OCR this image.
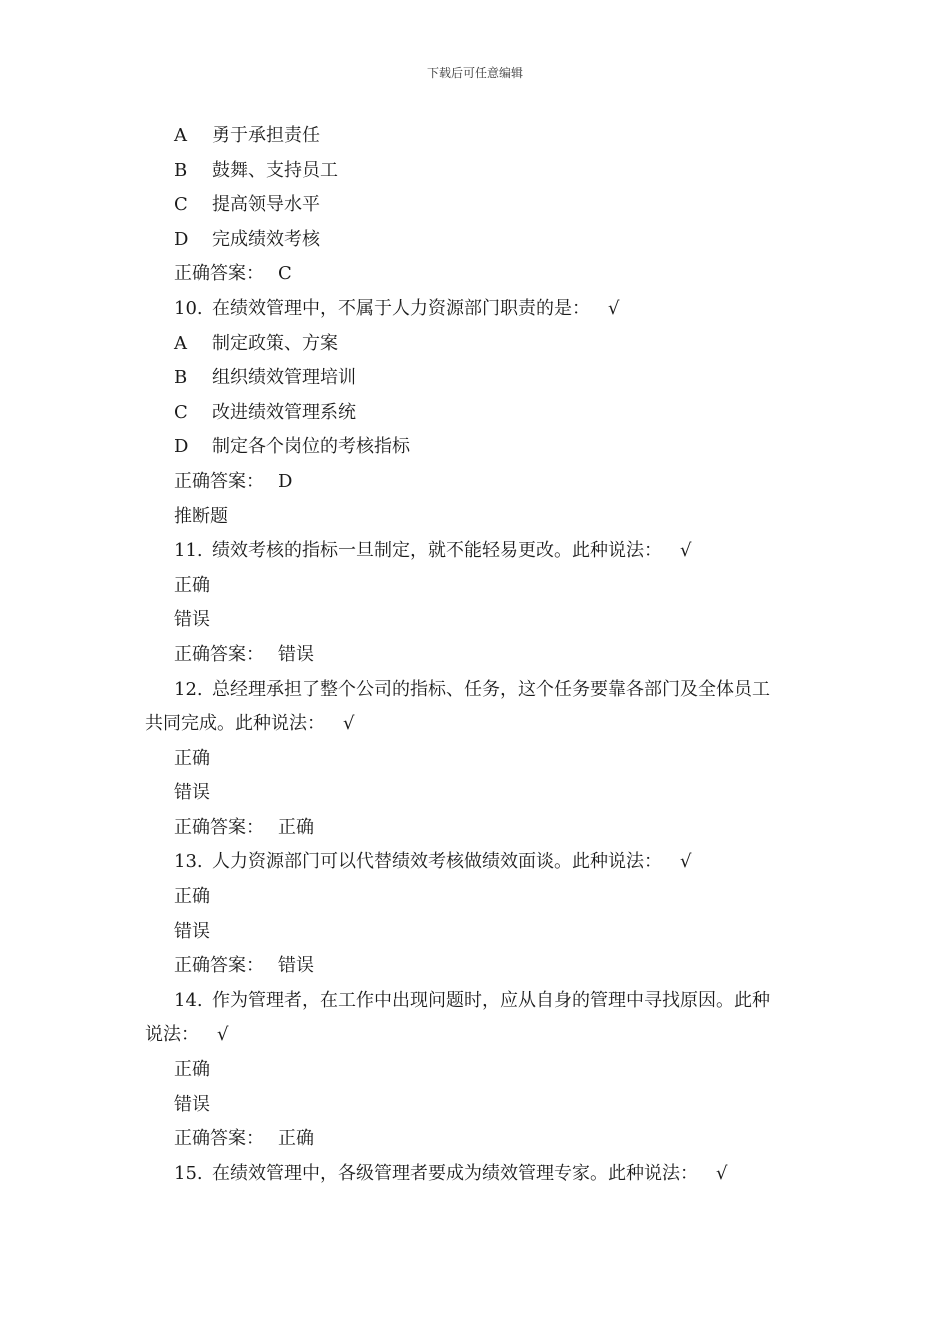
下载后可任意编辑
A 勇于承担责任
B 鼓舞、支持员工
C 提高领导水平
D 完成绩效考核
正确答案： C
10. 在绩效管理中，不属于人力资源部门职责的是： √
A 制定政策、方案
B 组织绩效管理培训
C 改进绩效管理系统
D 制定各个岗位的考核指标
正确答案： D
推断题
11. 绩效考核的指标一旦制定，就不能轻易更改。此种说法： √
正确
错误
正确答案： 错误
12. 总经理承担了整个公司的指标、任务，这个任务要靠各部门及全体员工
共同完成。此种说法： √
正确
错误
正确答案： 正确
13. 人力资源部门可以代替绩效考核做绩效面谈。此种说法： √
正确
错误
正确答案： 错误
14. 作为管理者，在工作中出现问题时，应从自身的管理中寻找原因。此种
说法： √
正确
错误
正确答案： 正确
15. 在绩效管理中，各级管理者要成为绩效管理专家。此种说法： √
